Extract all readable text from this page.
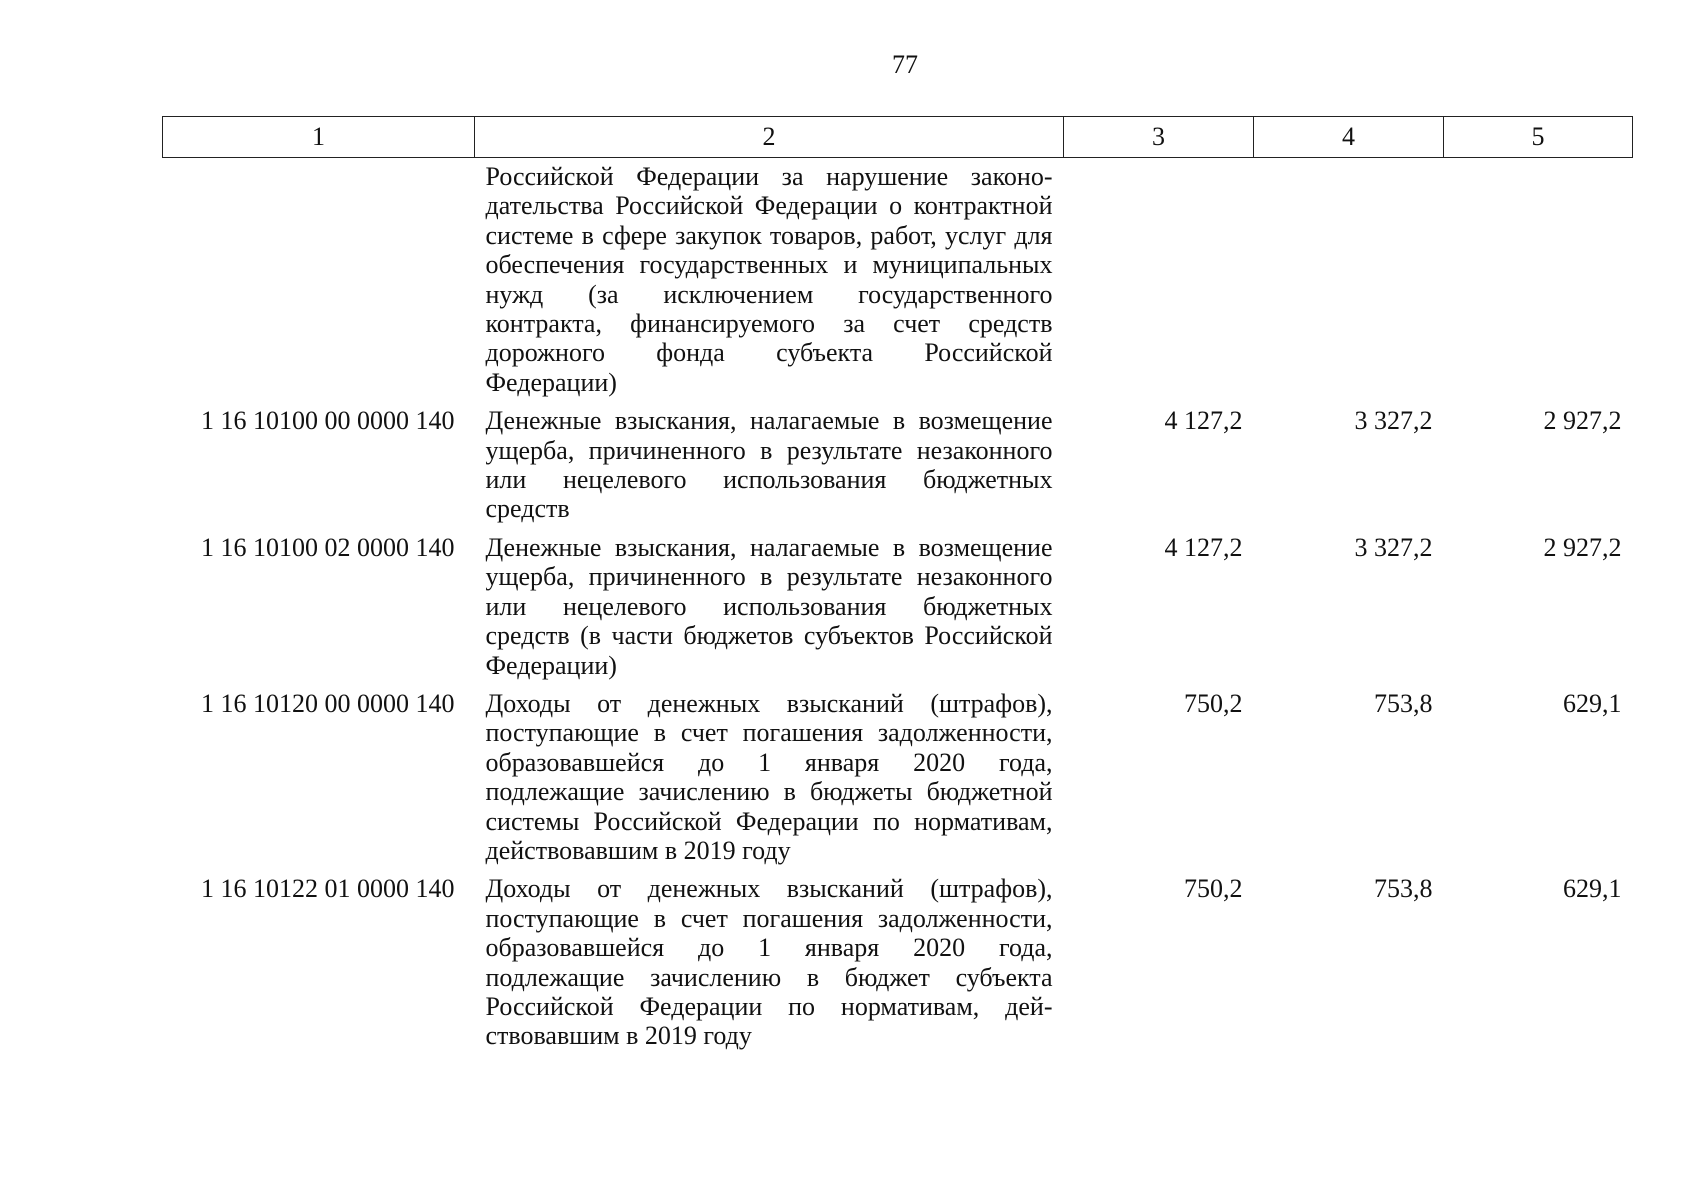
77
1	2	3	4	5
	Российской Федерации за нарушение законодательства Российской Федерации о контрактной системе в сфере закупок товаров, работ, услуг для обеспечения государственных и муниципальных нужд (за исключением государственного контракта, финансируемого за счет средств дорожного фонда субъекта Российской Федерации)			
1 16 10100 00 0000 140	Денежные взыскания, налагаемые в возмещение ущерба, причиненного в результате незаконного или нецелевого использования бюджетных средств	4 127,2	3 327,2	2 927,2
1 16 10100 02 0000 140	Денежные взыскания, налагаемые в возмещение ущерба, причиненного в результате незаконного или нецелевого использования бюджетных средств (в части бюджетов субъектов Российской Федерации)	4 127,2	3 327,2	2 927,2
1 16 10120 00 0000 140	Доходы от денежных взысканий (штрафов), поступающие в счет погашения задолженности, образовавшейся до 1 января 2020 года, подлежащие зачислению в бюджеты бюджетной системы Российской Федерации по нормативам, действовавшим в 2019 году	750,2	753,8	629,1
1 16 10122 01 0000 140	Доходы от денежных взысканий (штрафов), поступающие в счет погашения задолженности, образовавшейся до 1 января 2020 года, подлежащие зачислению в бюджет субъекта Российской Федерации по нормативам, действовавшим в 2019 году	750,2	753,8	629,1
